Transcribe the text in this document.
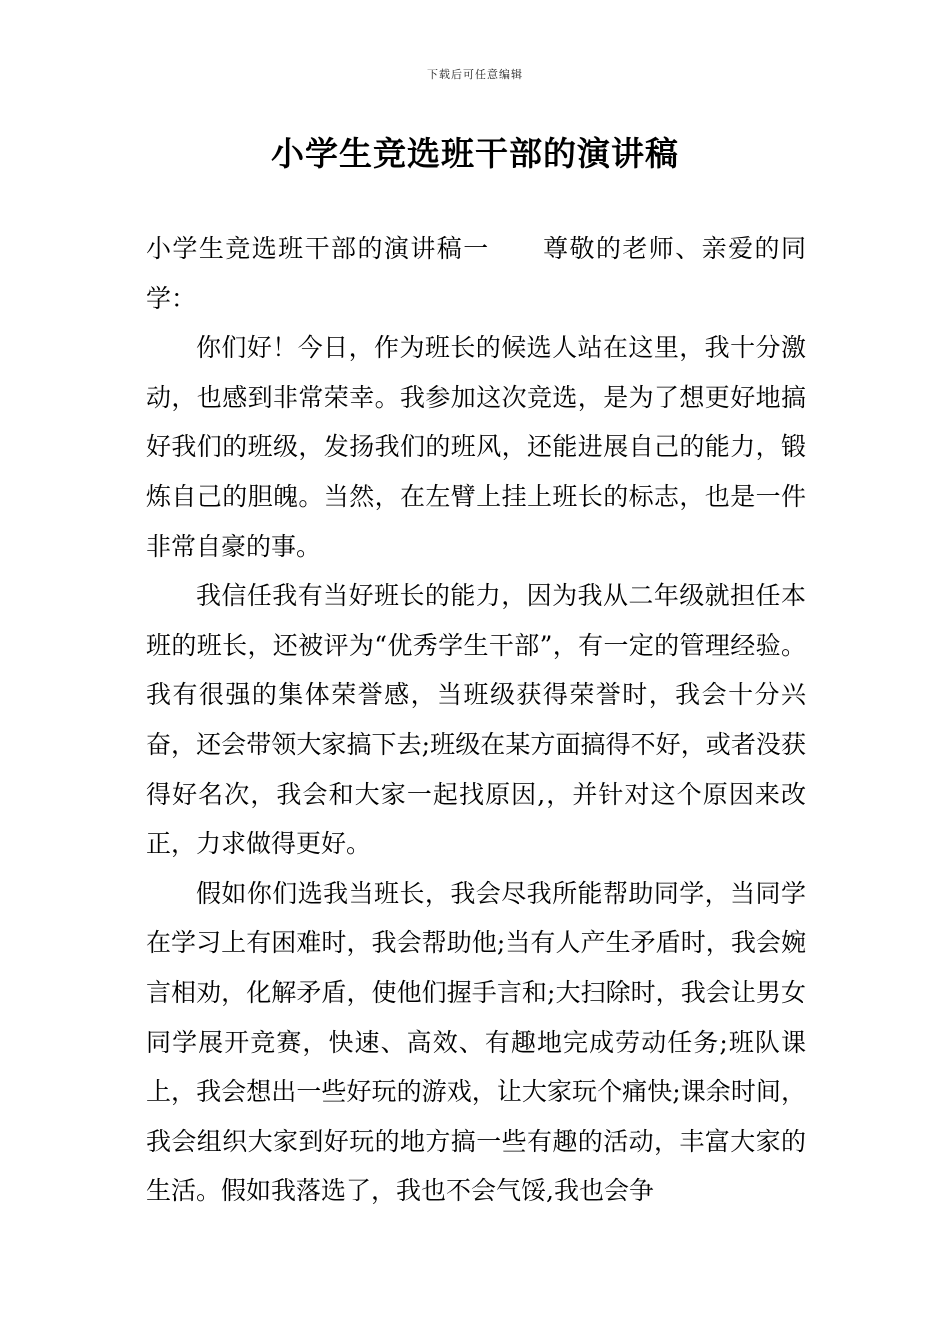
下载后可任意编辑
小学生竞选班干部的演讲稿

小学生竞选班干部的演讲稿一 尊敬的老师、亲爱的同学：

你们好！今日，作为班长的候选人站在这里，我十分激动，也感到非常荣幸。我参加这次竞选，是为了想更好地搞好我们的班级，发扬我们的班风，还能进展自己的能力，锻炼自己的胆魄。当然，在左臂上挂上班长的标志，也是一件非常自豪的事。

我信任我有当好班长的能力，因为我从二年级就担任本班的班长，还被评为“优秀学生干部”，有一定的管理经验。我有很强的集体荣誉感，当班级获得荣誉时，我会十分兴奋，还会带领大家搞下去;班级在某方面搞得不好，或者没获得好名次，我会和大家一起找原因,，并针对这个原因来改正，力求做得更好。

假如你们选我当班长，我会尽我所能帮助同学，当同学在学习上有困难时，我会帮助他;当有人产生矛盾时，我会婉言相劝，化解矛盾，使他们握手言和;大扫除时，我会让男女同学展开竞赛，快速、高效、有趣地完成劳动任务;班队课上，我会想出一些好玩的游戏，让大家玩个痛快;课余时间，我会组织大家到好玩的地方搞一些有趣的活动，丰富大家的生活。假如我落选了，我也不会气馁,我也会争
